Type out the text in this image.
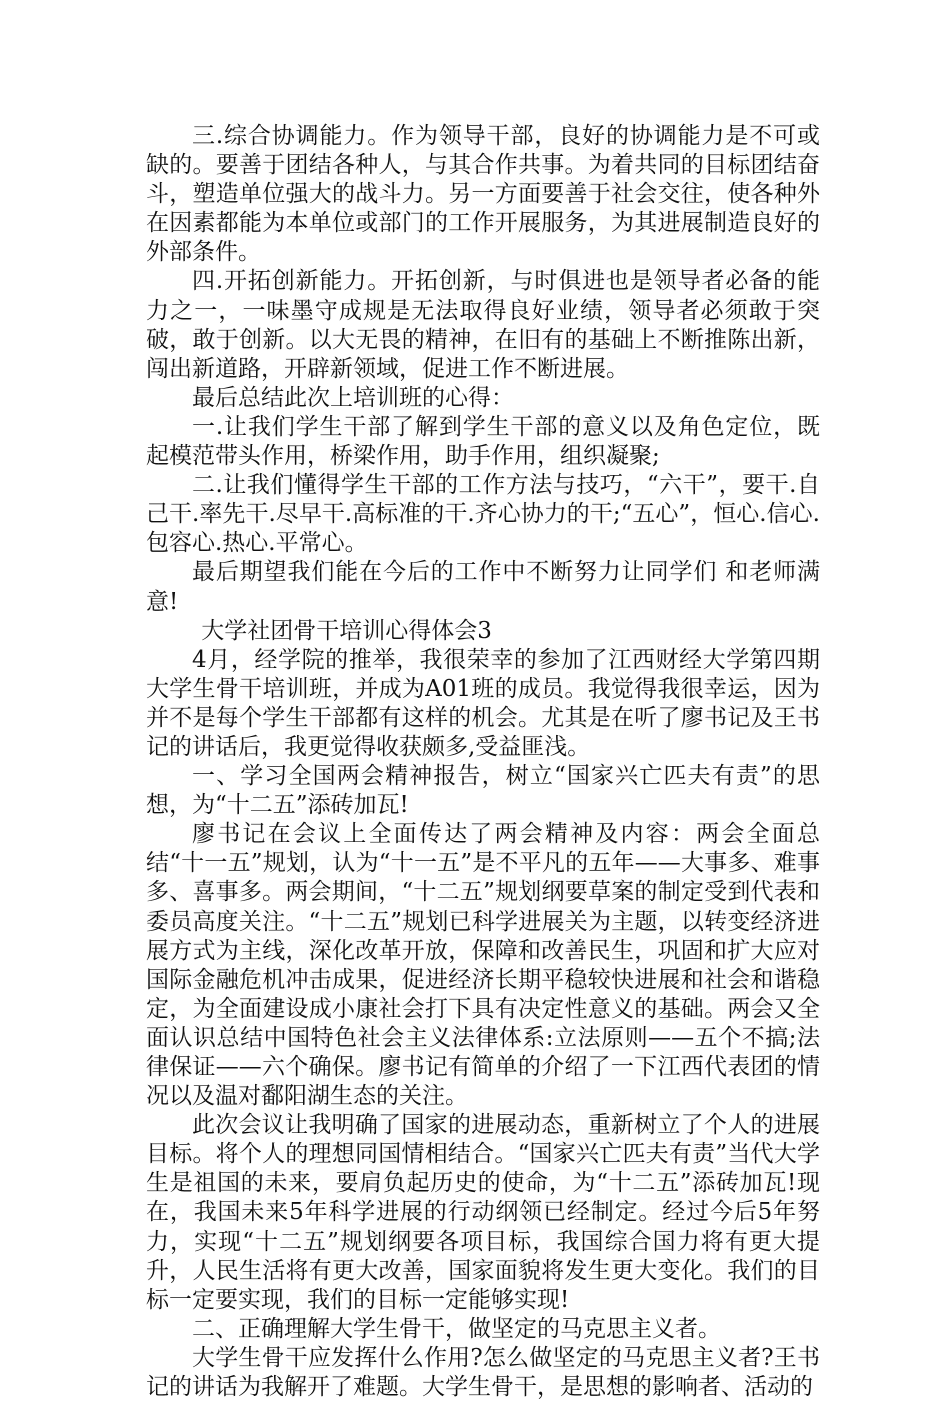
三.综合协调能力。作为领导干部，良好的协调能力是不可或缺的。要善于团结各种人，与其合作共事。为着共同的目标团结奋斗，塑造单位强大的战斗力。另一方面要善于社会交往，使各种外在因素都能为本单位或部门的工作开展服务，为其进展制造良好的外部条件。

四.开拓创新能力。开拓创新，与时俱进也是领导者必备的能力之一，一味墨守成规是无法取得良好业绩，领导者必须敢于突破，敢于创新。以大无畏的精神，在旧有的基础上不断推陈出新，闯出新道路，开辟新领域，促进工作不断进展。

最后总结此次上培训班的心得：

一.让我们学生干部了解到学生干部的意义以及角色定位，既起模范带头作用，桥梁作用，助手作用，组织凝聚;

二.让我们懂得学生干部的工作方法与技巧，“六干”，要干.自己干.率先干.尽早干.高标准的干.齐心协力的干;“五心”，恒心.信心.包容心.热心.平常心。

最后期望我们能在今后的工作中不断努力让同学们 和老师满意!

大学社团骨干培训心得体会3

4月，经学院的推举，我很荣幸的参加了江西财经大学第四期大学生骨干培训班，并成为A01班的成员。我觉得我很幸运，因为并不是每个学生干部都有这样的机会。尤其是在听了廖书记及王书记的讲话后，我更觉得收获颇多,受益匪浅。

一、学习全国两会精神报告，树立“国家兴亡匹夫有责”的思想，为“十二五”添砖加瓦!

廖书记在会议上全面传达了两会精神及内容：两会全面总结“十一五”规划，认为“十一五”是不平凡的五年——大事多、难事多、喜事多。两会期间，“十二五”规划纲要草案的制定受到代表和委员高度关注。“十二五”规划已科学进展关为主题，以转变经济进展方式为主线，深化改革开放，保障和改善民生，巩固和扩大应对国际金融危机冲击成果，促进经济长期平稳较快进展和社会和谐稳定，为全面建设成小康社会打下具有决定性意义的基础。两会又全面认识总结中国特色社会主义法律体系:立法原则——五个不搞;法律保证——六个确保。廖书记有简单的介绍了一下江西代表团的情况以及温对鄱阳湖生态的关注。

此次会议让我明确了国家的进展动态，重新树立了个人的进展目标。将个人的理想同国情相结合。“国家兴亡匹夫有责”当代大学生是祖国的未来，要肩负起历史的使命，为“十二五”添砖加瓦!现在，我国未来5年科学进展的行动纲领已经制定。经过今后5年努力，实现“十二五”规划纲要各项目标，我国综合国力将有更大提升，人民生活将有更大改善，国家面貌将发生更大变化。我们的目标一定要实现，我们的目标一定能够实现!

二、正确理解大学生骨干，做坚定的马克思主义者。

大学生骨干应发挥什么作用?怎么做坚定的马克思主义者?王书记的讲话为我解开了难题。大学生骨干，是思想的影响者、活动的
